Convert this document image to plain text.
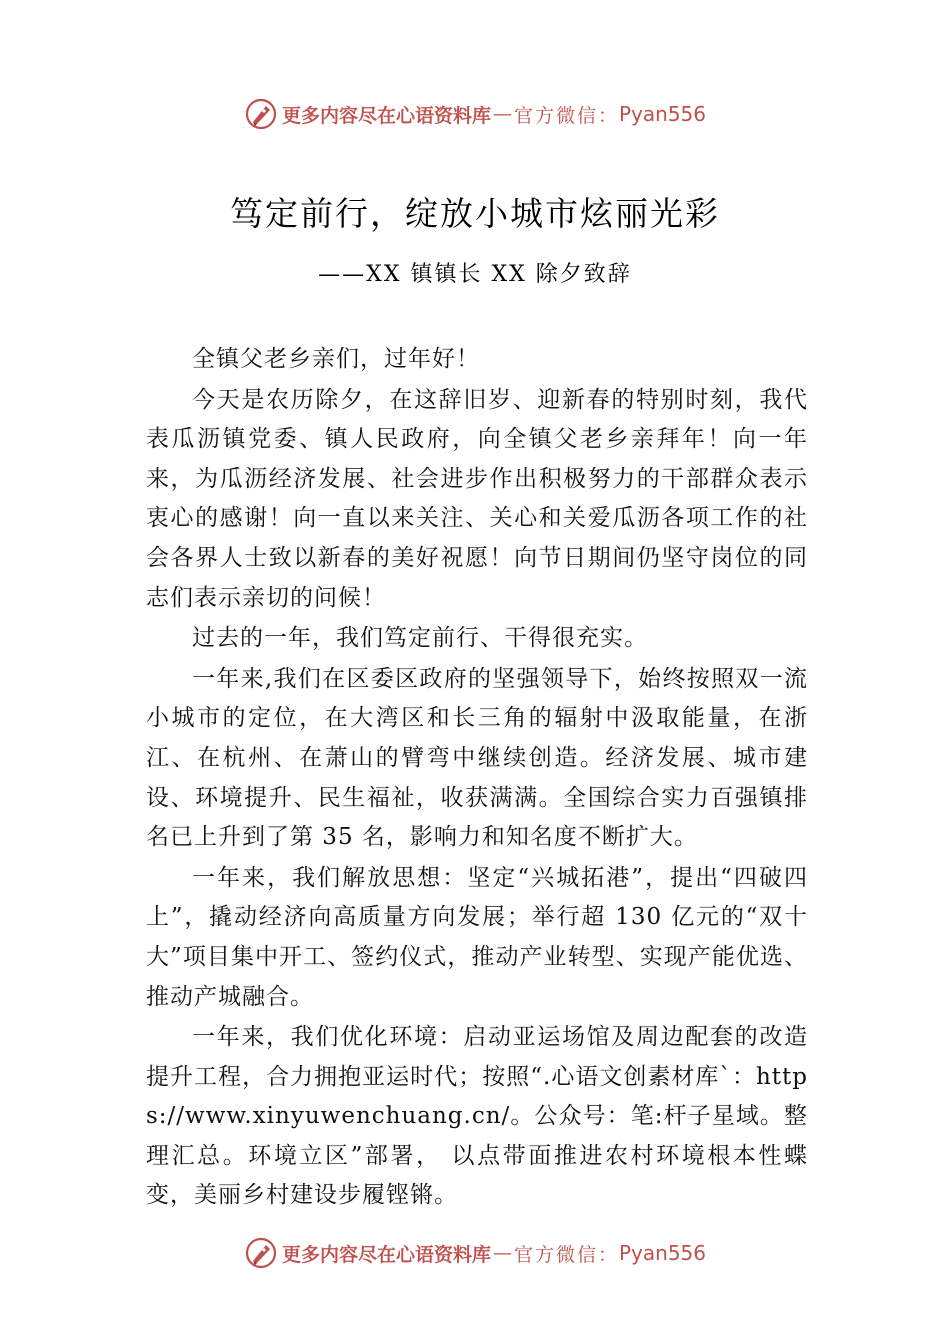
更多内容尽在心语资料库 — 官方微信： Pyan556
笃定前行，绽放小城市炫丽光彩
——XX 镇镇长 XX 除夕致辞

全镇父老乡亲们，过年好！

今天是农历除夕，在这辞旧岁、迎新春的特别时刻，我代表瓜沥镇党委、镇人民政府，向全镇父老乡亲拜年！向一年来，为瓜沥经济发展、社会进步作出积极努力的干部群众表示衷心的感谢！向一直以来关注、关心和关爱瓜沥各项工作的社会各界人士致以新春的美好祝愿！向节日期间仍坚守岗位的同志们表示亲切的问候！

过去的一年，我们笃定前行、干得很充实。

一年来,我们在区委区政府的坚强领导下，始终按照双一流小城市的定位，在大湾区和长三角的辐射中汲取能量，在浙江、在杭州、在萧山的臂弯中继续创造。经济发展、城市建设、环境提升、民生福祉，收获满满。全国综合实力百强镇排名已上升到了第 35 名，影响力和知名度不断扩大。

一年来，我们解放思想：坚定“兴城拓港”，提出“四破四上”，撬动经济向高质量方向发展；举行超 130 亿元的“双十大”项目集中开工、签约仪式，推动产业转型、实现产能优选、推动产城融合。

一年来，我们优化环境：启动亚运场馆及周边配套的改造提升工程，合力拥抱亚运时代；按照“.心语文创素材库`：https://www.xinyuwenchuang.cn/。公众号：笔:杆子星域。整理汇总。环境立区”部署， 以点带面推进农村环境根本性蝶变，美丽乡村建设步履铿锵。

更多内容尽在心语资料库 — 官方微信： Pyan556
